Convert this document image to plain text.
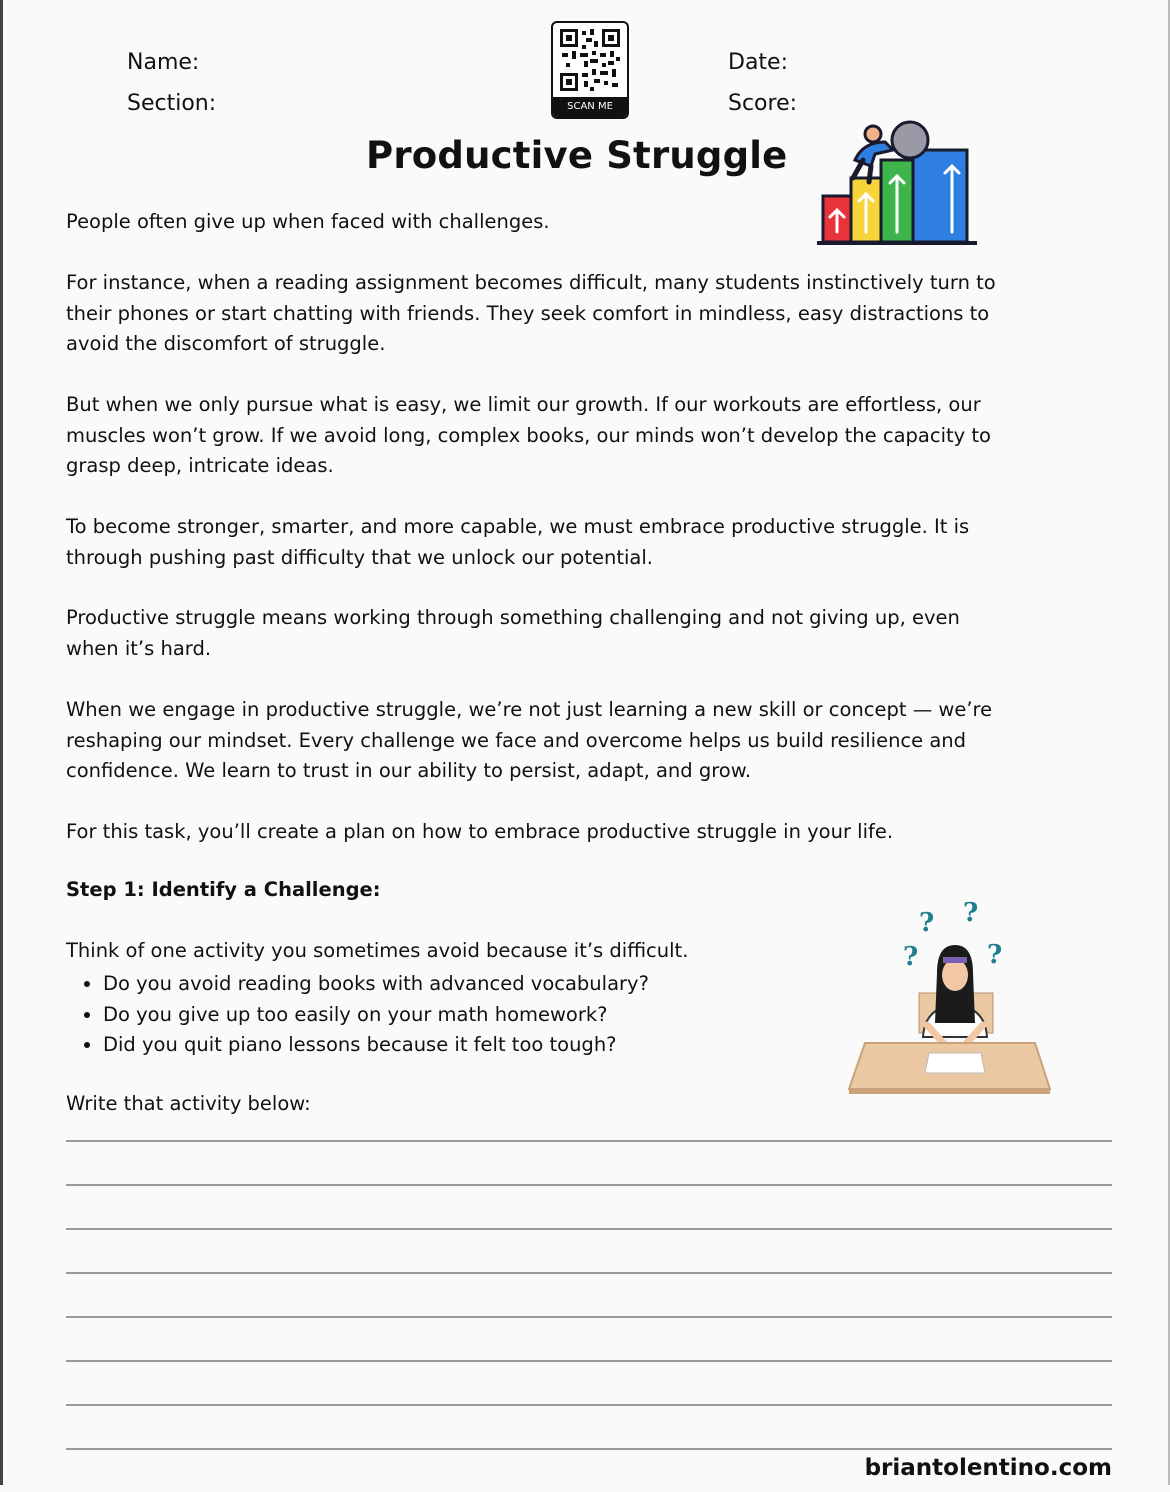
Name:
Section:
Date:
Score:
SCAN ME
Productive Struggle
People often give up when faced with challenges.
For instance, when a reading assignment becomes difficult, many students instinctively turn to
their phones or start chatting with friends. They seek comfort in mindless, easy distractions to
avoid the discomfort of struggle.
But when we only pursue what is easy, we limit our growth. If our workouts are effortless, our
muscles won’t grow. If we avoid long, complex books, our minds won’t develop the capacity to
grasp deep, intricate ideas.
To become stronger, smarter, and more capable, we must embrace productive struggle. It is
through pushing past difficulty that we unlock our potential.
Productive struggle means working through something challenging and not giving up, even
when it’s hard.
When we engage in productive struggle, we’re not just learning a new skill or concept — we’re
reshaping our mindset. Every challenge we face and overcome helps us build resilience and
confidence. We learn to trust in our ability to persist, adapt, and grow.
For this task, you’ll create a plan on how to embrace productive struggle in your life.
Step 1: Identify a Challenge:
Think of one activity you sometimes avoid because it’s difficult.
• Do you avoid reading books with advanced vocabulary?
• Do you give up too easily on your math homework?
• Did you quit piano lessons because it felt too tough?
Write that activity below:
? ?
?	?
briantolentino.com
